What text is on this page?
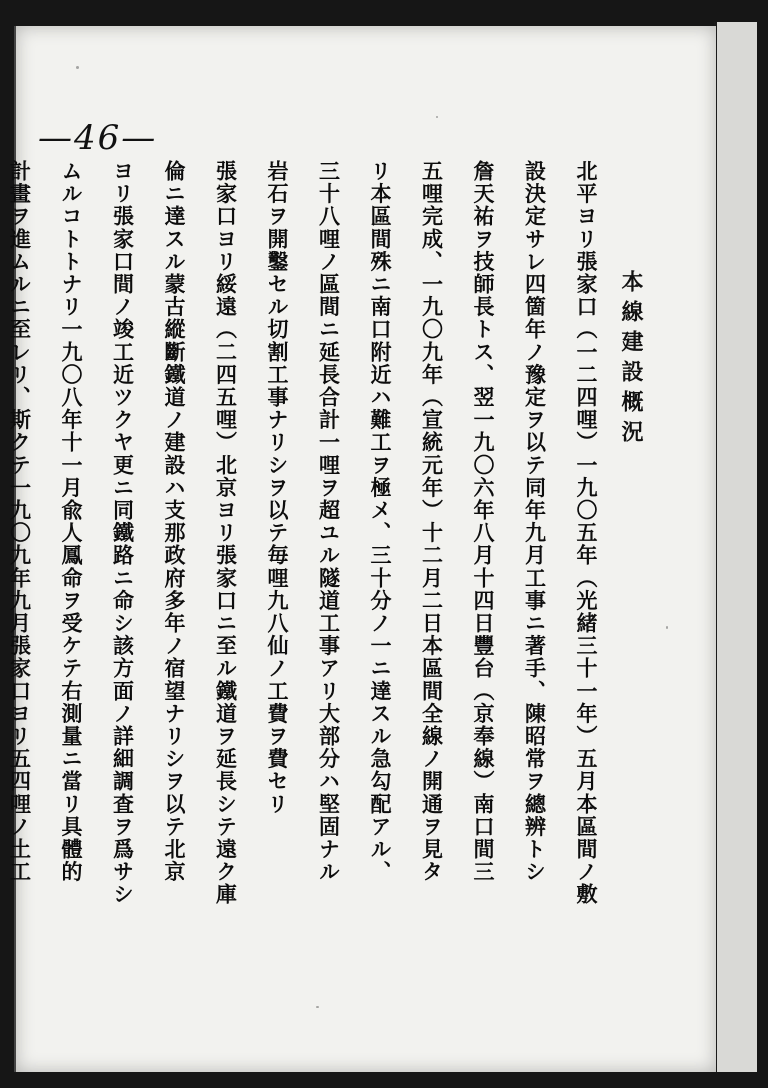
—46—
本線建設概況
北平ヨリ張家口（一二四哩）一九〇五年（光緒三十一年）五月本區間ノ敷
設決定サレ四箇年ノ豫定ヲ以テ同年九月工事ニ著手、陳昭常ヲ總辨トシ
詹天祐ヲ技師長トス、翌一九〇六年八月十四日豐台（京奉線）南口間三
五哩完成、一九〇九年（宣統元年）十二月二日本區間全線ノ開通ヲ見タ
リ本區間殊ニ南口附近ハ難工ヲ極メ、三十分ノ一ニ達スル急勾配アル、
三十八哩ノ區間ニ延長合計一哩ヲ超ユル隧道工事アリ大部分ハ堅固ナル
岩石ヲ開鑿セル切割工事ナリシヲ以テ毎哩九八仙ノ工費ヲ費セリ
張家口ヨリ綏遠（二四五哩）北京ヨリ張家口ニ至ル鐵道ヲ延長シテ遠ク庫
倫ニ達スル蒙古縱斷鐵道ノ建設ハ支那政府多年ノ宿望ナリシヲ以テ北京
ヨリ張家口間ノ竣工近ツクヤ更ニ同鐵路ニ命シ該方面ノ詳細調査ヲ爲サシ
ムルコトトナリ一九〇八年十一月兪人鳳命ヲ受ケテ右測量ニ當リ具體的
計畫ヲ進ムルニ至レリ、斯クテ一九〇九年九月張家口ヨリ五四哩ノ土工
